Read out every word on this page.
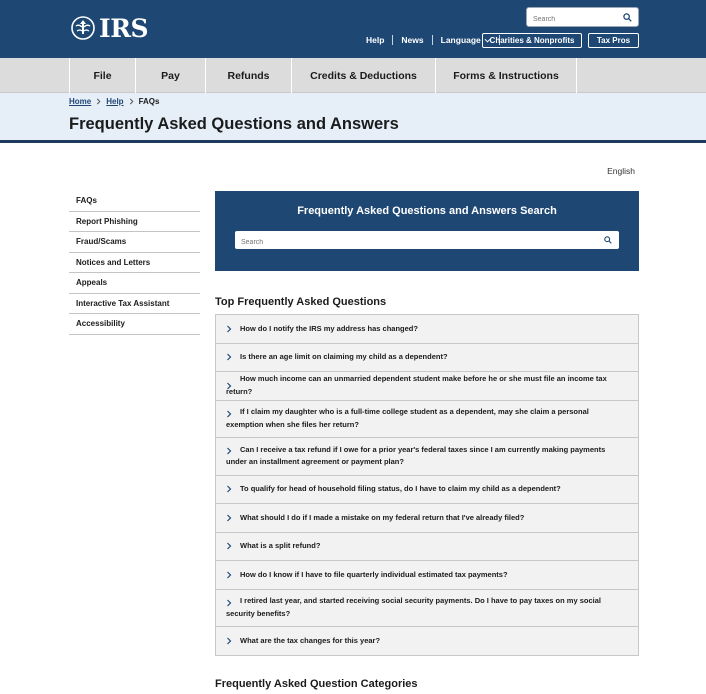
IRS
Search	Help News Language	Charities & Nonprofits	Tax Pros
File	Pay	Refunds	Credits & Deductions	Forms & Instructions
Home Help FAQs
Frequently Asked Questions and Answers
English
FAQs
Report Phishing
Fraud/Scams
Notices and Letters
Appeals
Interactive Tax Assistant
Accessibility
Frequently Asked Questions and Answers Search
Search
Top Frequently Asked Questions
How do I notify the IRS my address has changed?
Is there an age limit on claiming my child as a dependent?
How much income can an unmarried dependent student make before he or she must file an income tax return?
If I claim my daughter who is a full-time college student as a dependent, may she claim a personal exemption when she files her return?
Can I receive a tax refund if I owe for a prior year's federal taxes since I am currently making payments under an installment agreement or payment plan?
To qualify for head of household filing status, do I have to claim my child as a dependent?
What should I do if I made a mistake on my federal return that I've already filed?
What is a split refund?
How do I know if I have to file quarterly individual estimated tax payments?
I retired last year, and started receiving social security payments. Do I have to pay taxes on my social security benefits?
What are the tax changes for this year?
Frequently Asked Question Categories
